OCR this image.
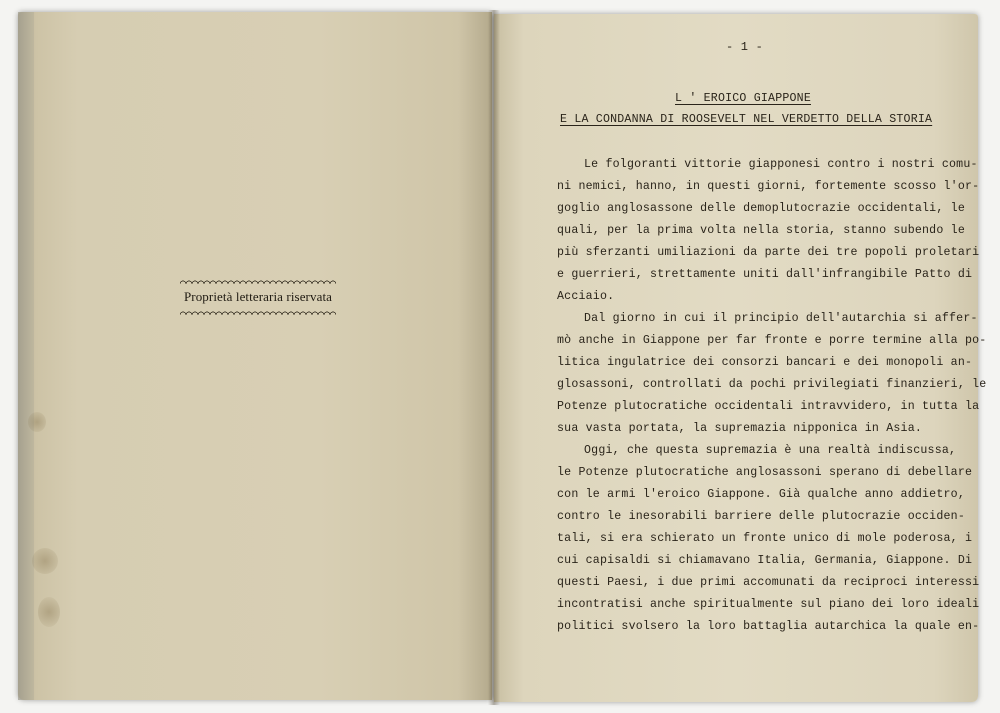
Proprietà letteraria riservata
- 1 -
L ' EROICO GIAPPONE
E LA CONDANNA DI ROOSEVELT NEL VERDETTO DELLA STORIA
Le folgoranti vittorie giapponesi contro i nostri comu-
ni nemici, hanno, in questi giorni, fortemente scosso l'or-
goglio anglosassone delle demoplutocrazie occidentali, le
quali, per la prima volta nella storia, stanno subendo le
più sferzanti umiliazioni da parte dei tre popoli proletari
e guerrieri, strettamente uniti dall'infrangibile Patto di
Acciaio.
Dal giorno in cui il principio dell'autarchia si affer-
mò anche in Giappone per far fronte e porre termine alla po-
litica ingulatrice dei consorzi bancari e dei monopoli an-
glosassoni, controllati da pochi privilegiati finanzieri, le
Potenze plutocratiche occidentali intravvidero, in tutta la
sua vasta portata, la supremazia nipponica in Asia.
Oggi, che questa supremazia è una realtà indiscussa,
le Potenze plutocratiche anglosassoni sperano di debellare
con le armi l'eroico Giappone. Già qualche anno addietro,
contro le inesorabili barriere delle plutocrazie occiden-
tali, si era schierato un fronte unico di mole poderosa, i
cui capisaldi si chiamavano Italia, Germania, Giappone. Di
questi Paesi, i due primi accomunati da reciproci interessi
incontratisi anche spiritualmente sul piano dei loro ideali
politici svolsero la loro battaglia autarchica la quale en-
